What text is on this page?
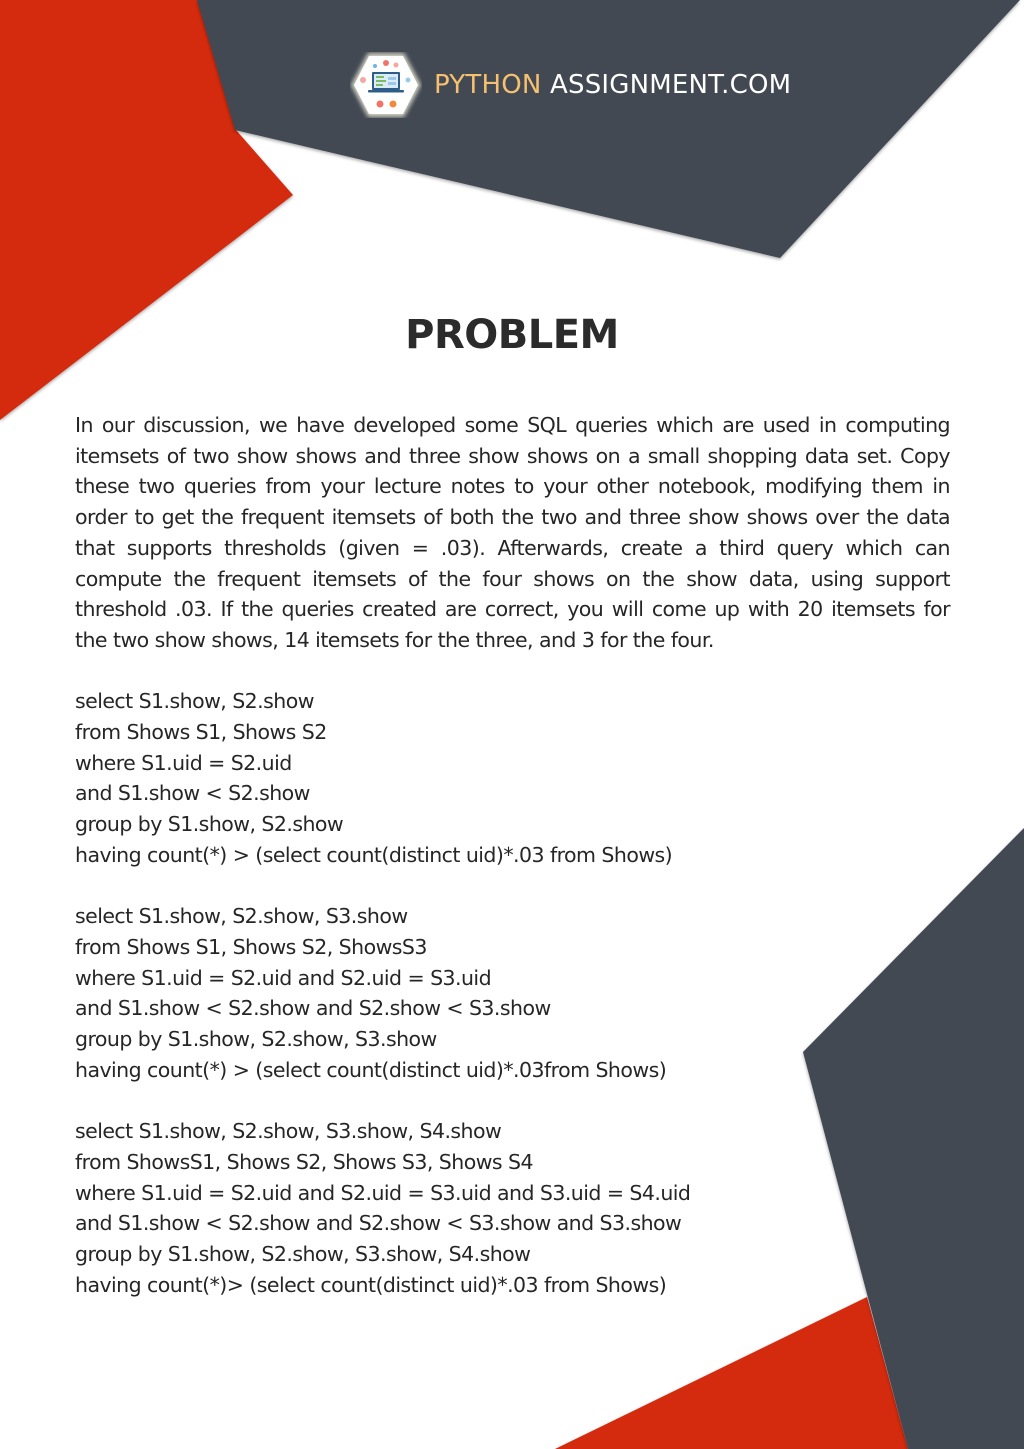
PYTHON ASSIGNMENT.COM
PROBLEM

In our discussion, we have developed some SQL queries which are used in computing itemsets of two show shows and three show shows on a small shopping data set. Copy these two queries from your lecture notes to your other notebook, modifying them in order to get the frequent itemsets of both the two and three show shows over the data that supports thresholds (given = .03). Afterwards, create a third query which can compute the frequent itemsets of the four shows on the show data, using support threshold .03. If the queries created are correct, you will come up with 20 itemsets for the two show shows, 14 itemsets for the three, and 3 for the four.

select S1.show, S2.show
from Shows S1, Shows S2
where S1.uid = S2.uid
and S1.show < S2.show
group by S1.show, S2.show
having count(*) > (select count(distinct uid)*.03 from Shows)
select S1.show, S2.show, S3.show
from Shows S1, Shows S2, ShowsS3
where S1.uid = S2.uid and S2.uid = S3.uid
and S1.show < S2.show and S2.show < S3.show
group by S1.show, S2.show, S3.show
having count(*) > (select count(distinct uid)*.03from Shows)
select S1.show, S2.show, S3.show, S4.show
from ShowsS1, Shows S2, Shows S3, Shows S4
where S1.uid = S2.uid and S2.uid = S3.uid and S3.uid = S4.uid
and S1.show < S2.show and S2.show < S3.show and S3.show
group by S1.show, S2.show, S3.show, S4.show
having count(*)> (select count(distinct uid)*.03 from Shows)
